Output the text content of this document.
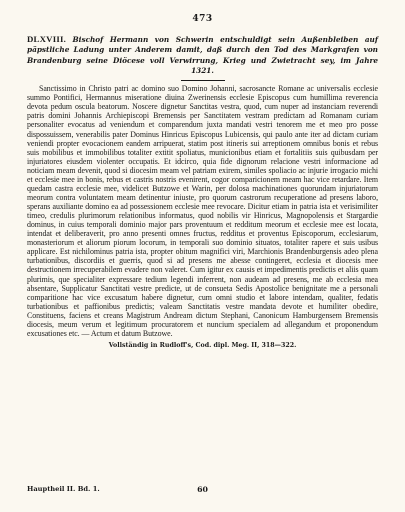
473
DLXVIII. Bischof Hermann von Schwerin entschuldigt sein Außenbleiben auf päpstliche Ladung unter Anderem damit, daß durch den Tod des Markgrafen von Brandenburg seine Diöcese voll Verwirrung, Krieg und Zwietracht sey, im Jahre 1321.
Sanctissimo in Christo patri ac domino suo Domino Johanni, sacrosancte Romane ac universalis ecclesie summo Pontifici, Hermannus miseratione diuina Zwerinensis ecclesie Episcopus cum humillima reverencia devota pedum oscula beatorum. Noscere dignetur Sanctitas vestra, quod, cum nuper ad instanciam reverendi patris domini Johannis Archiepiscopi Bremensis per Sanctitatem vestram predictam ad Romanam curiam personaliter evocatus ad veniendum et comparendum juxta mandati vestri tenorem me et meo pro posse dispossuissem, venerabilis pater Dominus Hinricus Episcopus Lubicensis, qui paulo ante iter ad dictam curiam veniendi propter evocacionem eandem arripuerat, statim post itineris sui arreptionem omnibus bonis et rebus suis mobilibus et immobilibus totaliter extitit spoliatus, municionibus etiam et fortalitiis suis quibusdam per injuriatores eiusdem violenter occupatis. Et idcirco, quia fide dignorum relacione vestri informacione ad noticiam meam devenit, quod si diocesim meam vel patriam exirem, similes spoliacio ac injurie irrogacio michi et ecclesie mee in bonis, rebus et castris nostris evenirent, cogor comparicionem meam hac vice retardare. Item quedam castra ecclesie mee, videlicet Butzowe et Warin, per dolosa machinationes quorundam injuriatorum meorum contra voluntatem meam detinentur iniuste, pro quorum castrorum recuperatione ad presens laboro, sperans auxiliante domino ea ad possessionem ecclesie mee revocare. Dicitur etiam in patria ista et verisimiliter timeo, credulis plurimorum relationibus informatus, quod nobilis vir Hinricus, Magnopolensis et Stargardie dominus, in cuius temporali dominio major pars proventuum et redditum meorum et ecclesie mee est locata, intendat et deliberaverit, pro anno presenti omnes fructus, redditus et proventus Episcoporum, ecclesiarum, monasteriorum et aliorum piorum locorum, in temporali suo dominio situatos, totaliter rapere et suis usibus applicare. Est nichilominus patria ista, propter obitum magnifici viri, Marchionis Brandenburgensis adeo plena turbationibus, discordiis et guerris, quod si ad presens me abesse contingeret, ecclesia et diocesis mee destructionem irrecuperabilem evadere non valeret. Cum igitur ex causis et impedimentis predictis et aliis quam plurimis, que specialiter expressare tedium legendi inferrent, non audeam ad presens, me ab ecclesia mea absentare, Supplicatur Sanctitati vestre predicte, ut de consueta Sedis Apostolice benignitate me a personali comparitione hac vice excusatum habere dignetur, cum omni studio et labore intendam, qualiter, fedatis turbationibus et paffionibus predictis; valeam Sanctitatis vestre mandata devote et humiliter obedire, Constituens, faciens et creans Magistrum Andream dictum Stephani, Canonicum Hamburgensem Bremensis diocesis, meum verum et legitimum procuratorem et nuncium specialem ad allegandum et proponendum excusationes etc. — Actum et datum Butzowe.
Vollständig in Rudloff's, Cod. dipl. Meg. II, 318—322.
Hauptheil II. Bd. 1.	60
